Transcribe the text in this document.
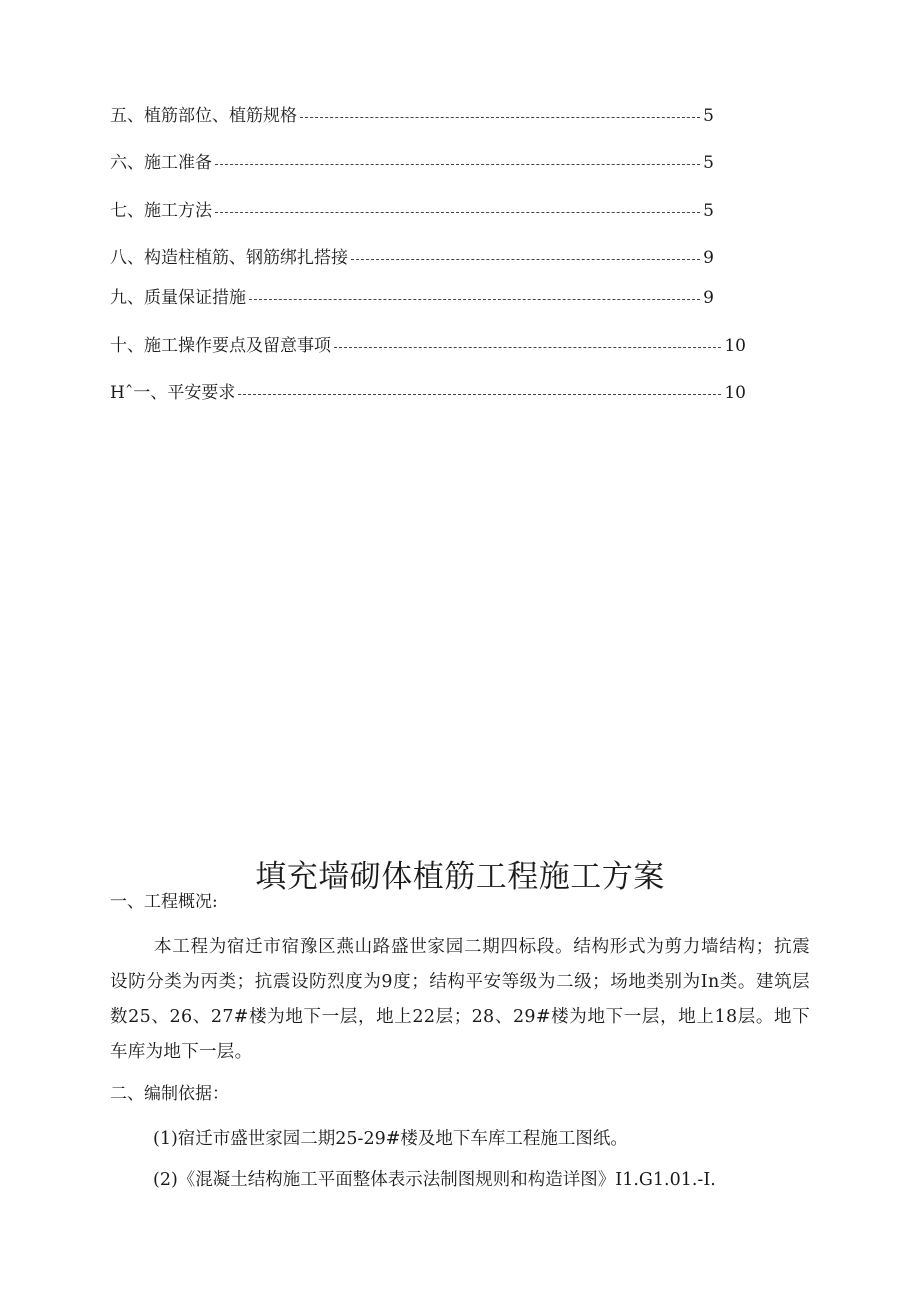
五、植筋部位、植筋规格	5
六、施工准备	5
七、施工方法	5
八、构造柱植筋、钢筋绑扎搭接	9
九、质量保证措施	9
十、施工操作要点及留意事项	10
Hˆ一、平安要求	10
填充墙砌体植筋工程施工方案
一、工程概况:

本工程为宿迁市宿豫区燕山路盛世家园二期四标段。结构形式为剪力墙结构；抗震设防分类为丙类；抗震设防烈度为9度；结构平安等级为二级；场地类别为In类。建筑层数25、26、27#楼为地下一层，地上22层；28、29#楼为地下一层，地上18层。地下车库为地下一层。

二、编制依据：
(1)宿迁市盛世家园二期25-29#楼及地下车库工程施工图纸。
(2)《混凝土结构施工平面整体表示法制图规则和构造详图》I1.G1.01.-I.
